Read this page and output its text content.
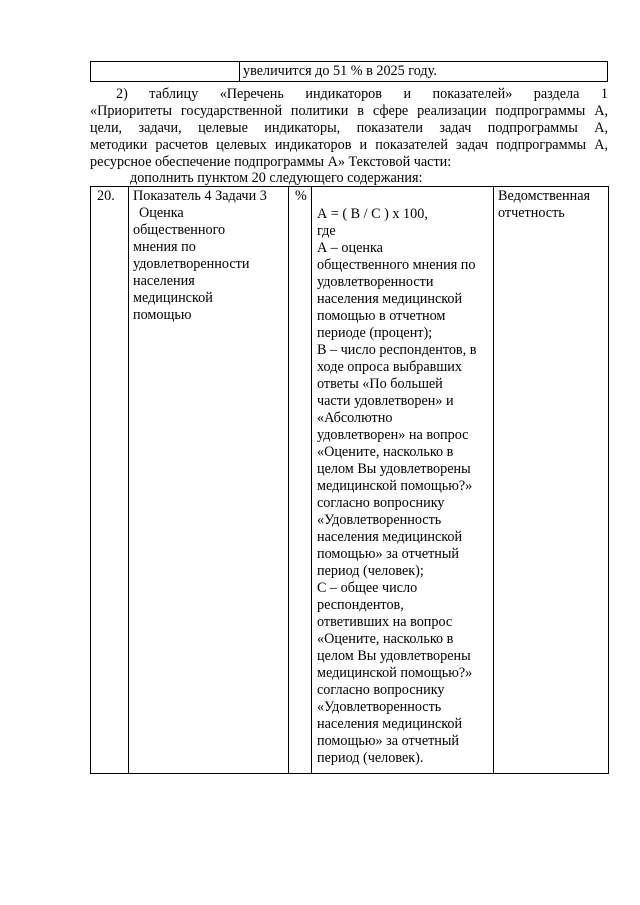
увеличится до 51 % в 2025 году.
2) таблицу «Перечень индикаторов и показателей» раздела 1
«Приоритеты государственной политики в сфере реализации подпрограммы А,
цели, задачи, целевые индикаторы, показатели задач подпрограммы А,
методики расчетов целевых индикаторов и показателей задач подпрограммы А,
ресурсное обеспечение подпрограммы А» Текстовой части:
дополнить пунктом 20 следующего содержания:
20.	Показатель 4 Задачи 3
Оценка
общественного
мнения по
удовлетворенности
населения
медицинской
помощью
%
А = ( В / С ) х 100,
где
А – оценка
общественного мнения по
удовлетворенности
населения медицинской
помощью в отчетном
периоде (процент);
В – число респондентов, в
ходе опроса выбравших
ответы «По большей
части удовлетворен» и
«Абсолютно
удовлетворен» на вопрос
«Оцените, насколько в
целом Вы удовлетворены
медицинской помощью?»
согласно вопроснику
«Удовлетворенность
населения медицинской
помощью» за отчетный
период (человек);
С – общее число
респондентов,
ответивших на вопрос
«Оцените, насколько в
целом Вы удовлетворены
медицинской помощью?»
согласно вопроснику
«Удовлетворенность
населения медицинской
помощью» за отчетный
период (человек).
Ведомственная
отчетность
